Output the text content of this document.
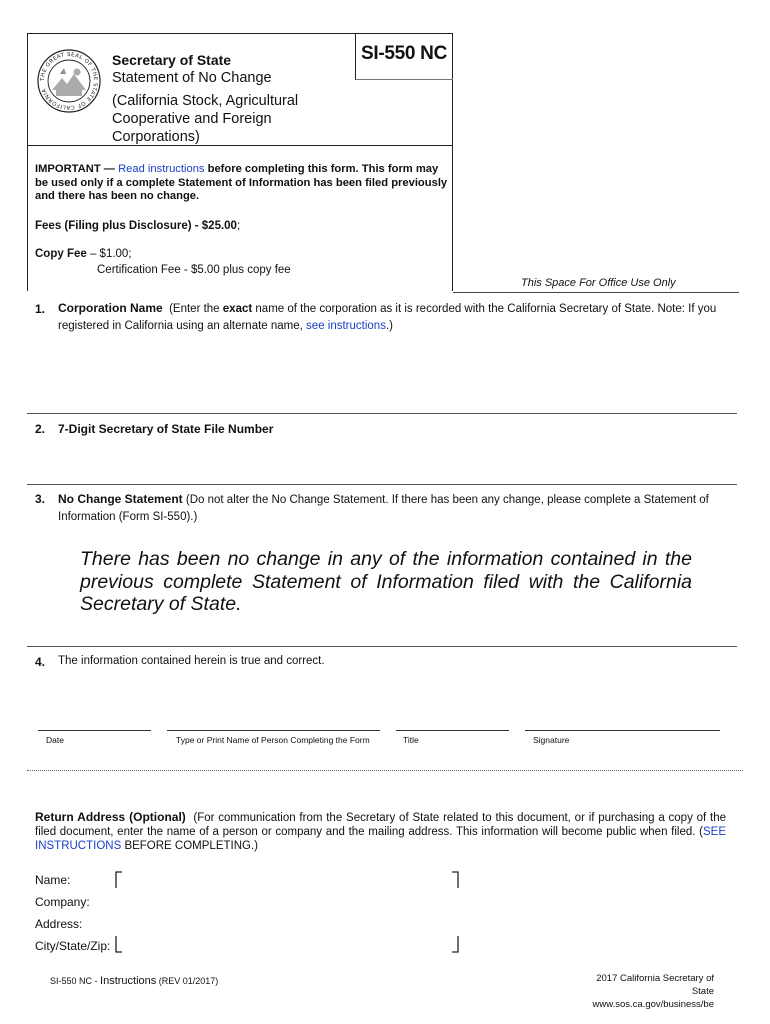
SI-550 NC
THE GREAT SEAL OF THE STATE OF CALIFORNIA
Secretary of State
Statement of No Change
(California Stock, Agricultural
Cooperative and Foreign Corporations)
This Space For Office Use Only
IMPORTANT — Read instructions before completing this form. This form may be used only if a complete Statement of Information has been filed previously and there has been no change.
Fees (Filing plus Disclosure) - $25.00;
Copy Fee – $1.00;
Certification Fee - $5.00 plus copy fee
1. Corporation Name (Enter the exact name of the corporation as it is recorded with the California Secretary of State. Note: If you registered in California using an alternate name, see instructions.)
2. 7-Digit Secretary of State File Number
3. No Change Statement (Do not alter the No Change Statement. If there has been any change, please complete a Statement of Information (Form SI-550).)
There has been no change in any of the information contained in the previous complete Statement of Information filed with the California Secretary of State.
4. The information contained herein is true and correct.
Date	Type or Print Name of Person Completing the Form	Title	Signature
Return Address (Optional) (For communication from the Secretary of State related to this document, or if purchasing a copy of the filed document, enter the name of a person or company and the mailing address. This information will become public when filed. (SEE INSTRUCTIONS BEFORE COMPLETING.)
Name:
Company:
Address:
City/State/Zip:
SI-550 NC - Instructions (REV 01/2017)	2017 California Secretary of State
www.sos.ca.gov/business/be
